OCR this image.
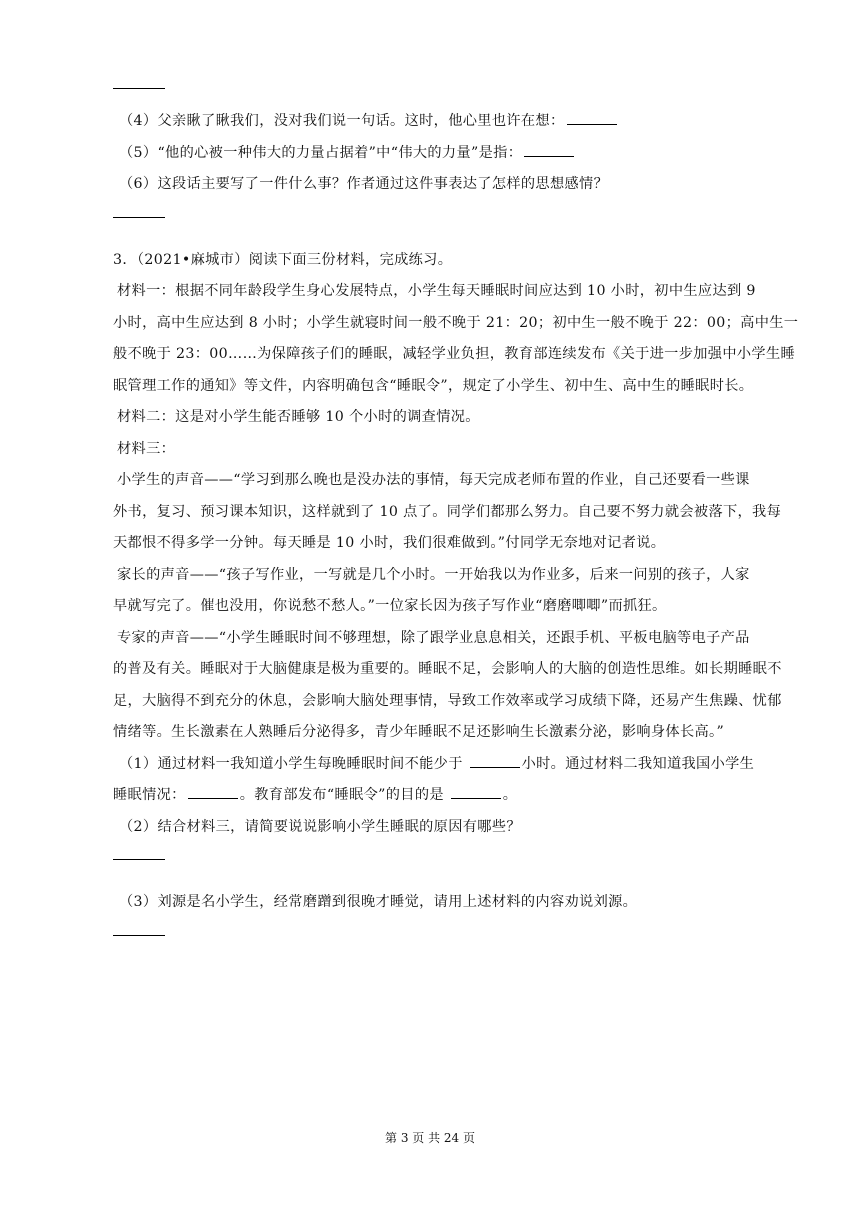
（4）父亲瞅了瞅我们，没对我们说一句话。这时，他心里也许在想：
（5）“他的心被一种伟大的力量占据着”中“伟大的力量”是指：
（6）这段话主要写了一件什么事？作者通过这件事表达了怎样的思想感情？
3．（2021•麻城市）阅读下面三份材料，完成练习。
材料一：根据不同年龄段学生身心发展特点，小学生每天睡眠时间应达到 10 小时，初中生应达到 9
小时，高中生应达到 8 小时；小学生就寝时间一般不晚于 21：20；初中生一般不晚于 22：00；高中生一
般不晚于 23：00……为保障孩子们的睡眠，减轻学业负担，教育部连续发布《关于进一步加强中小学生睡
眠管理工作的通知》等文件，内容明确包含“睡眠令”，规定了小学生、初中生、高中生的睡眠时长。
材料二：这是对小学生能否睡够 10 个小时的调查情况。
材料三：
小学生的声音——“学习到那么晚也是没办法的事情，每天完成老师布置的作业，自己还要看一些课
外书，复习、预习课本知识，这样就到了 10 点了。同学们都那么努力。自己要不努力就会被落下，我每
天都恨不得多学一分钟。每天睡是 10 小时，我们很难做到。”付同学无奈地对记者说。
家长的声音——“孩子写作业，一写就是几个小时。一开始我以为作业多，后来一问别的孩子，人家
早就写完了。催也没用，你说愁不愁人。”一位家长因为孩子写作业“磨磨唧唧”而抓狂。
专家的声音——“小学生睡眠时间不够理想，除了跟学业息息相关，还跟手机、平板电脑等电子产品
的普及有关。睡眠对于大脑健康是极为重要的。睡眠不足，会影响人的大脑的创造性思维。如长期睡眠不
足，大脑得不到充分的休息，会影响大脑处理事情，导致工作效率或学习成绩下降，还易产生焦躁、忧郁
情绪等。生长激素在人熟睡后分泌得多，青少年睡眠不足还影响生长激素分泌，影响身体长高。”
（1）通过材料一我知道小学生每晚睡眠时间不能少于	小时。通过材料二我知道我国小学生
睡眠情况：	。教育部发布“睡眠令”的目的是	。
（2）结合材料三，请简要说说影响小学生睡眠的原因有哪些？
（3）刘源是名小学生，经常磨蹭到很晚才睡觉，请用上述材料的内容劝说刘源。
第 3 页 共 24 页
